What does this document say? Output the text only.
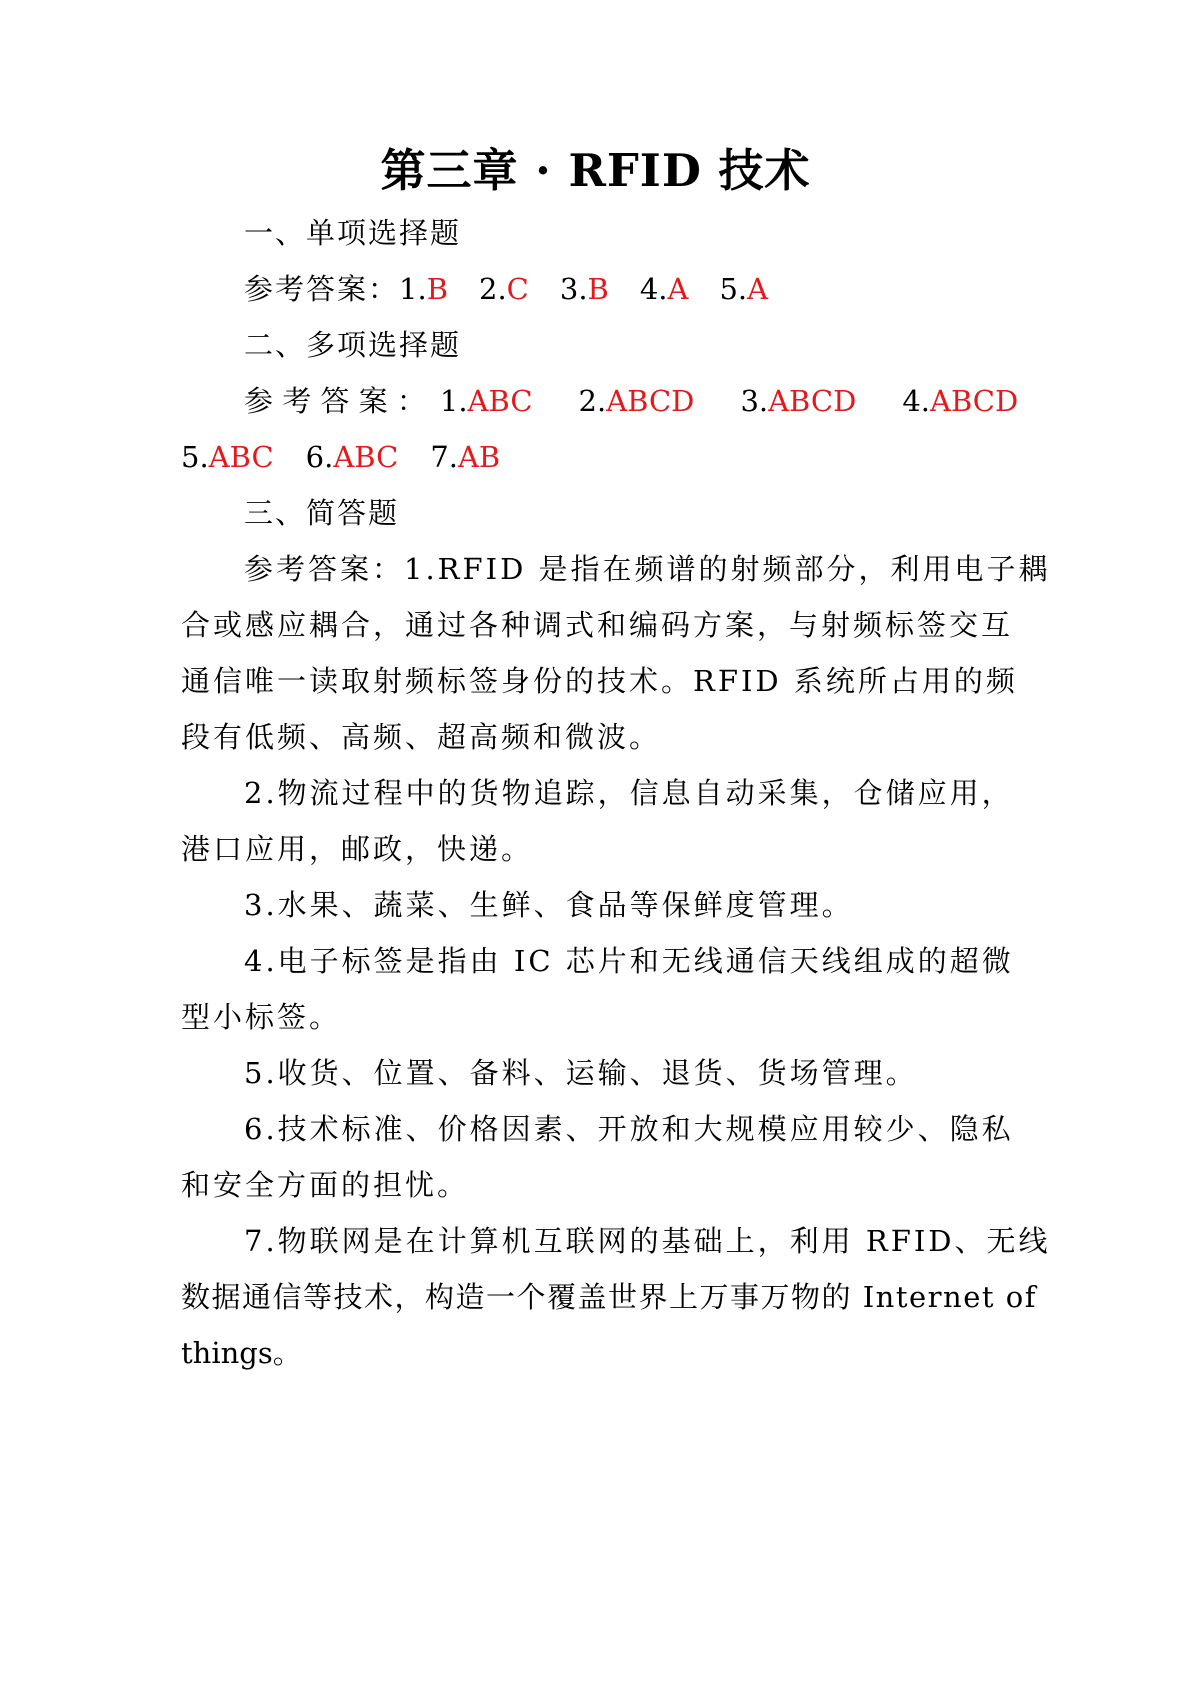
第三章 · RFID 技术
一、单项选择题
参考答案：1.B 2.C 3.B 4.A 5.A
二、多项选择题
参 考 答 案 ： 1.ABC 2.ABCD 3.ABCD 4.ABCD
5.ABC 6.ABC 7.AB
三、简答题
参考答案：1.RFID 是指在频谱的射频部分，利用电子耦
合或感应耦合，通过各种调式和编码方案，与射频标签交互
通信唯一读取射频标签身份的技术。RFID 系统所占用的频
段有低频、高频、超高频和微波。
2.物流过程中的货物追踪，信息自动采集，仓储应用，
港口应用，邮政，快递。
3.水果、蔬菜、生鲜、食品等保鲜度管理。
4.电子标签是指由 IC 芯片和无线通信天线组成的超微
型小标签。
5.收货、位置、备料、运输、退货、货场管理。
6.技术标准、价格因素、开放和大规模应用较少、隐私
和安全方面的担忧。
7.物联网是在计算机互联网的基础上，利用 RFID、无线
数据通信等技术，构造一个覆盖世界上万事万物的 Internet of
things。
